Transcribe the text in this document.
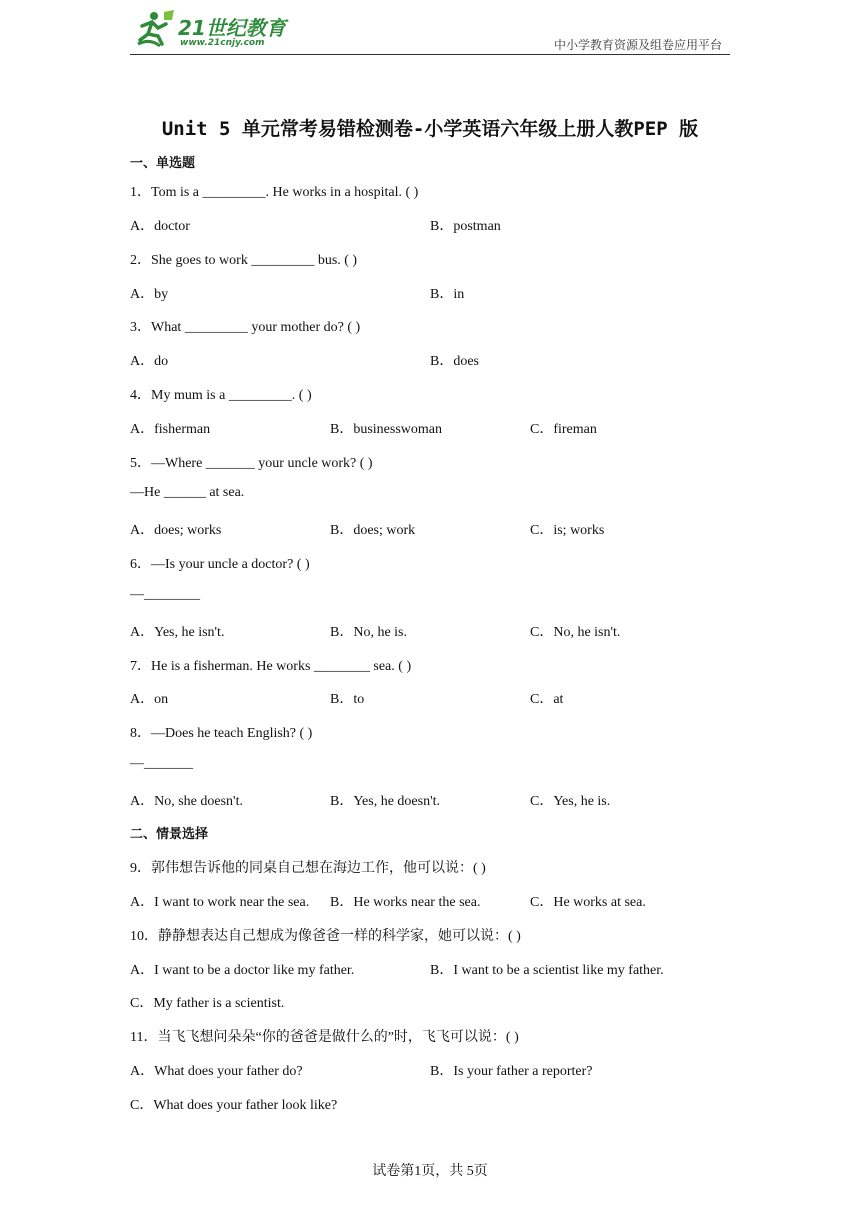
21世纪教育
www.21cnjy.com	中小学教育资源及组卷应用平台
Unit 5 单元常考易错检测卷-小学英语六年级上册人教PEP 版
一、单选题
1．Tom is a _________. He works in a hospital. ( )
A．doctor	B．postman
2．She goes to work _________ bus. ( )
A．by	B．in
3．What _________ your mother do? ( )
A．do	B．does
4．My mum is a _________. ( )
A．fisherman	B．businesswoman	C．fireman
5．—Where _______ your uncle work? ( )
—He ______ at sea.
A．does; works	B．does; work	C．is; works
6．—Is your uncle a doctor? ( )
—________
A．Yes, he isn't.	B．No, he is.	C．No, he isn't.
7．He is a fisherman. He works ________ sea. ( )
A．on	B．to	C．at
8．—Does he teach English? ( )
—_______
A．No, she doesn't.	B．Yes, he doesn't.	C．Yes, he is.
二、情景选择
9．郭伟想告诉他的同桌自己想在海边工作，他可以说：( )
A．I want to work near the sea. B．He works near the sea.	C．He works at sea.
10．静静想表达自己想成为像爸爸一样的科学家，她可以说：( )
A．I want to be a doctor like my father.	B．I want to be a scientist like my father.
C．My father is a scientist.
11．当飞飞想问朵朵“你的爸爸是做什么的”时，飞飞可以说：( )
A．What does your father do?	B．Is your father a reporter?
C．What does your father look like?
试卷第1页，共 5页
